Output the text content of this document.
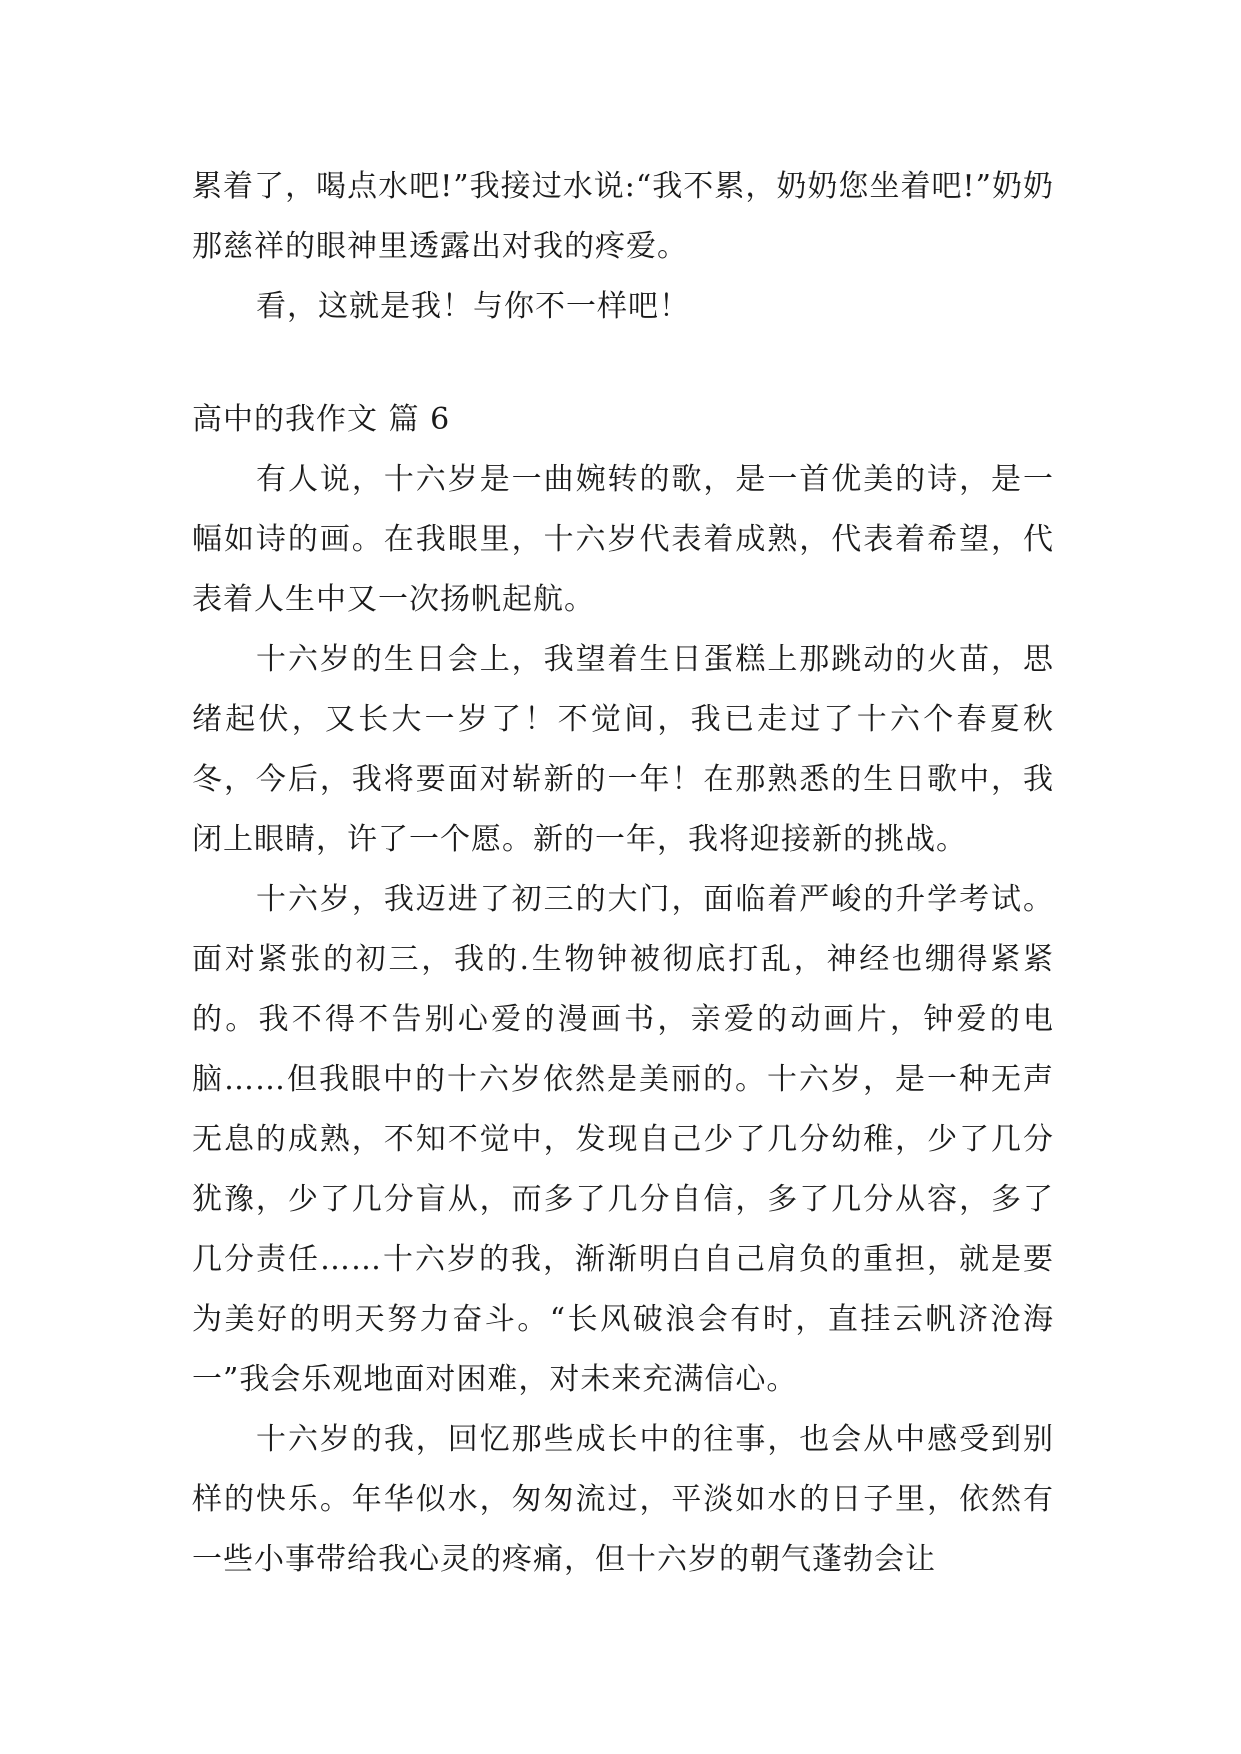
累着了，喝点水吧!”我接过水说:“我不累，奶奶您坐着吧!”奶奶那慈祥的眼神里透露出对我的疼爱。

看，这就是我！与你不一样吧！

高中的我作文 篇 6

有人说，十六岁是一曲婉转的歌，是一首优美的诗，是一幅如诗的画。在我眼里，十六岁代表着成熟，代表着希望，代表着人生中又一次扬帆起航。

十六岁的生日会上，我望着生日蛋糕上那跳动的火苗，思绪起伏，又长大一岁了！不觉间，我已走过了十六个春夏秋冬，今后，我将要面对崭新的一年！在那熟悉的生日歌中，我闭上眼睛，许了一个愿。新的一年，我将迎接新的挑战。

十六岁，我迈进了初三的大门，面临着严峻的升学考试。面对紧张的初三，我的.生物钟被彻底打乱，神经也绷得紧紧的。我不得不告别心爱的漫画书，亲爱的动画片，钟爱的电脑……但我眼中的十六岁依然是美丽的。十六岁，是一种无声无息的成熟，不知不觉中，发现自己少了几分幼稚，少了几分犹豫，少了几分盲从，而多了几分自信，多了几分从容，多了几分责任……十六岁的我，渐渐明白自己肩负的重担，就是要为美好的明天努力奋斗。“长风破浪会有时，直挂云帆济沧海一”我会乐观地面对困难，对未来充满信心。

十六岁的我，回忆那些成长中的往事，也会从中感受到别样的快乐。年华似水，匆匆流过，平淡如水的日子里，依然有一些小事带给我心灵的疼痛，但十六岁的朝气蓬勃会让
